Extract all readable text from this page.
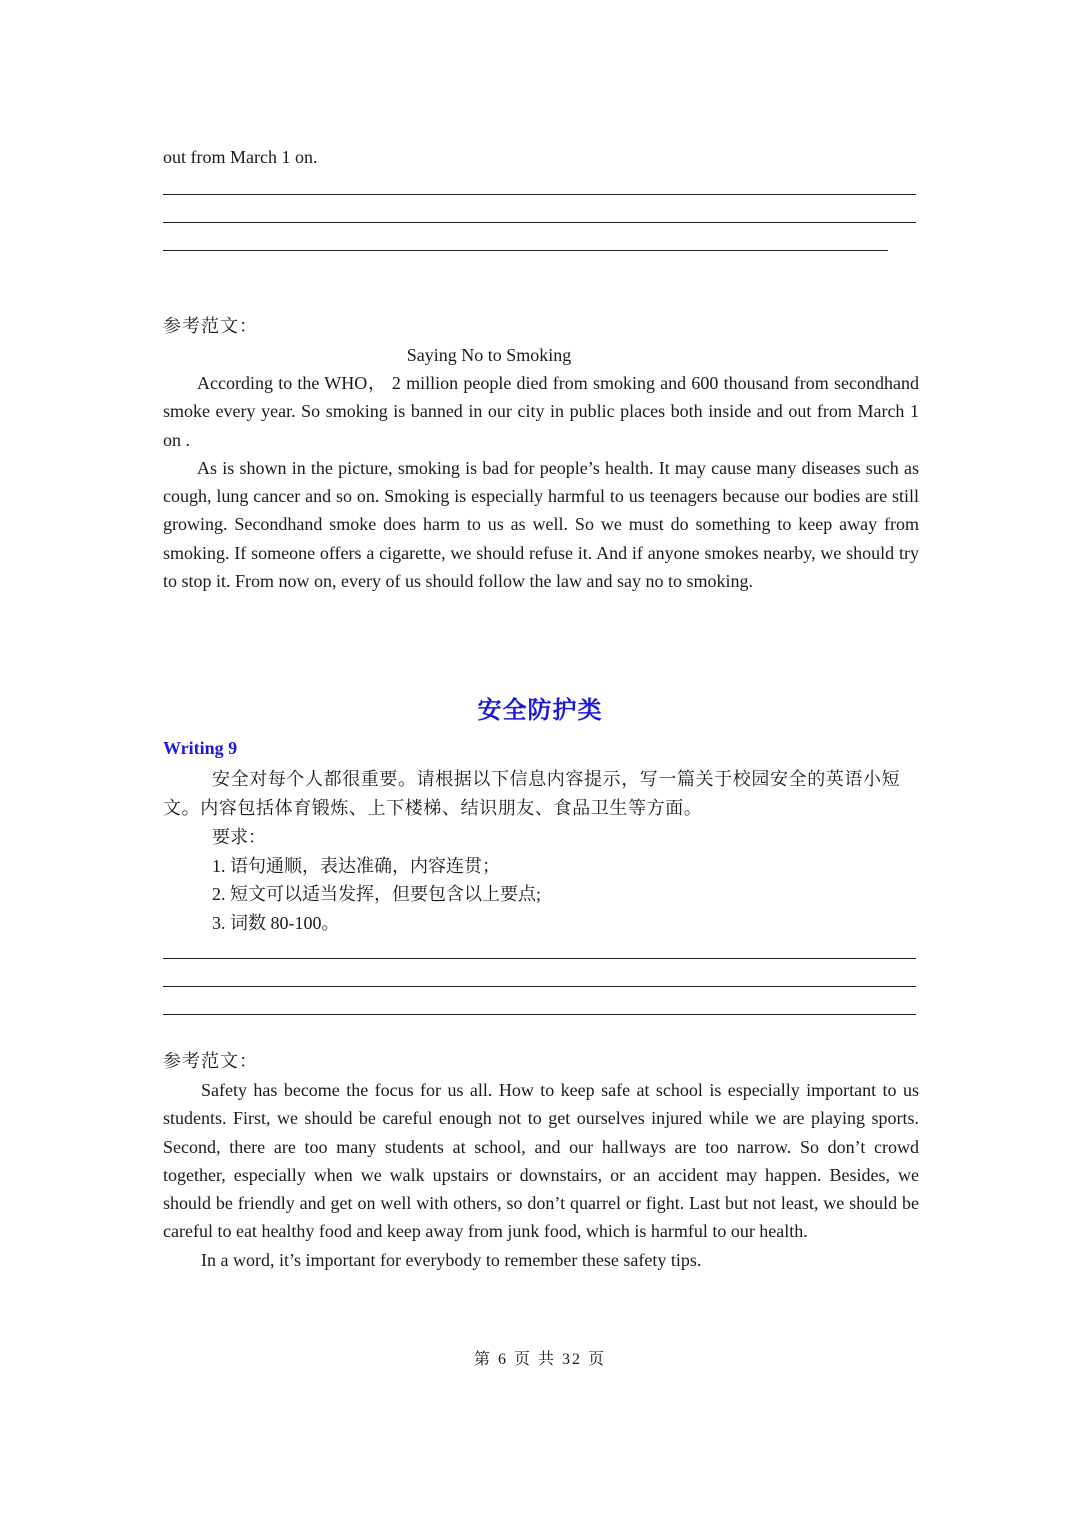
out from March 1 on.
参考范文：
Saying No to Smoking

According to the WHO， 2 million people died from smoking and 600 thousand from secondhand smoke every year. So smoking is banned in our city in public places both inside and out from March 1 on .

As is shown in the picture, smoking is bad for people’s health. It may cause many diseases such as cough, lung cancer and so on. Smoking is especially harmful to us teenagers because our bodies are still growing. Secondhand smoke does harm to us as well. So we must do something to keep away from smoking. If someone offers a cigarette, we should refuse it. And if anyone smokes nearby, we should try to stop it. From now on, every of us should follow the law and say no to smoking.

安全防护类
Writing 9
安全对每个人都很重要。请根据以下信息内容提示，写一篇关于校园安全的英语小短文。内容包括体育锻炼、上下楼梯、结识朋友、食品卫生等方面。
要求：
1. 语句通顺，表达准确，内容连贯；
2. 短文可以适当发挥，但要包含以上要点;
3. 词数 80-100。
参考范文：

Safety has become the focus for us all. How to keep safe at school is especially important to us students. First, we should be careful enough not to get ourselves injured while we are playing sports. Second, there are too many students at school, and our hallways are too narrow. So don’t crowd together, especially when we walk upstairs or downstairs, or an accident may happen. Besides, we should be friendly and get on well with others, so don’t quarrel or fight. Last but not least, we should be careful to eat healthy food and keep away from junk food, which is harmful to our health.

In a word, it’s important for everybody to remember these safety tips.

第 6 页 共 32 页
